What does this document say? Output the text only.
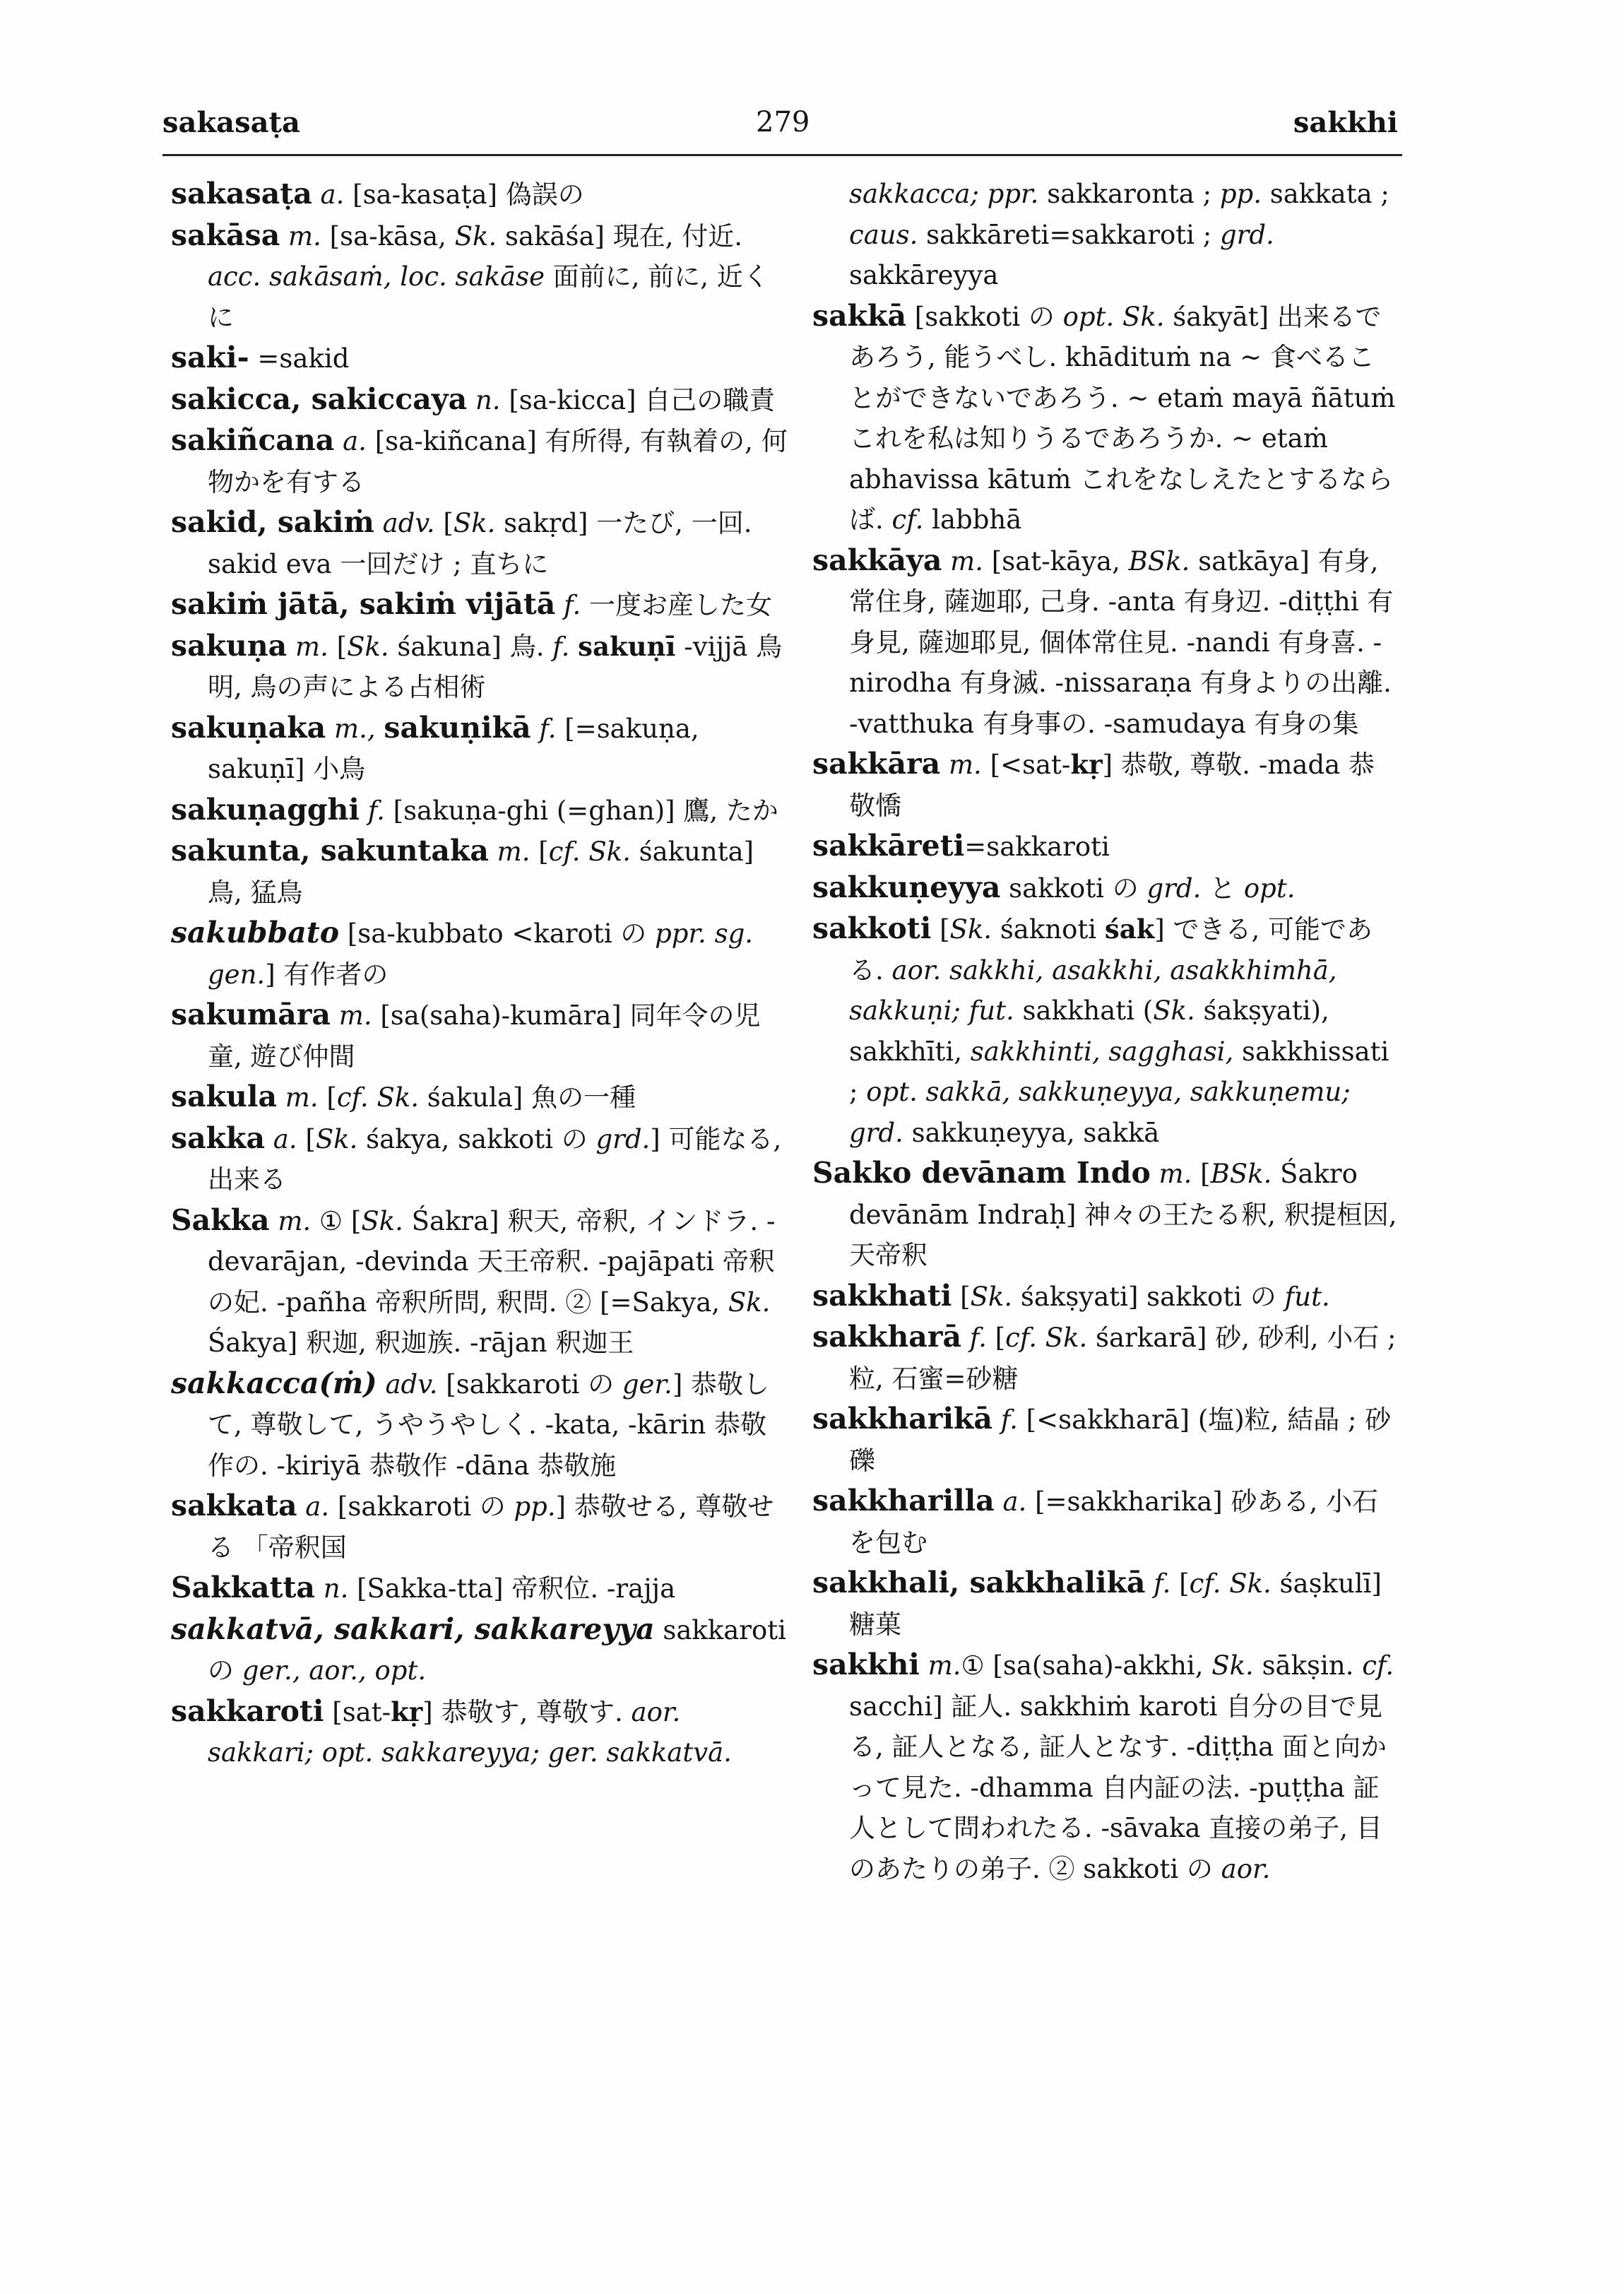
sakasaṭa	279	sakkhi

sakasaṭa a. [sa-kasaṭa] 偽誤の

sakāsa m. [sa-kāsa, Sk. sakāśa] 現在, 付近. acc. sakāsaṁ, loc. sakāse 面前に, 前に, 近くに

saki- =sakid

sakicca, sakiccaya n. [sa-kicca] 自己の職責

sakiñcana a. [sa-kiñcana] 有所得, 有執着の, 何物かを有する

sakid, sakiṁ adv. [Sk. sakṛd] 一たび, 一回. sakid eva 一回だけ ; 直ちに

sakiṁ jātā, sakiṁ vijātā f. 一度お産した女

sakuṇa m. [Sk. śakuna] 鳥. f. sakuṇī -vijjā 鳥明, 鳥の声による占相術

sakuṇaka m., sakuṇikā f. [=sakuṇa, sakuṇī] 小鳥

sakuṇagghi f. [sakuṇa-ghi (=ghan)] 鷹, たか

sakunta, sakuntaka m. [cf. Sk. śakunta] 鳥, 猛鳥

sakubbato [sa-kubbato <karoti の ppr. sg. gen.] 有作者の

sakumāra m. [sa(saha)-kumāra] 同年令の児童, 遊び仲間

sakula m. [cf. Sk. śakula] 魚の一種

sakka a. [Sk. śakya, sakkoti の grd.] 可能なる, 出来る

Sakka m. ① [Sk. Śakra] 釈天, 帝釈, インドラ. -devarājan, -devinda 天王帝釈. -pajāpati 帝釈の妃. -pañha 帝釈所問, 釈問. ② [=Sakya, Sk. Śakya] 釈迦, 釈迦族. -rājan 釈迦王

sakkacca(ṁ) adv. [sakkaroti の ger.] 恭敬して, 尊敬して, うやうやしく. -kata, -kārin 恭敬作の. -kiriyā 恭敬作 -dāna 恭敬施

sakkata a. [sakkaroti の pp.] 恭敬せる, 尊敬せる 「帝釈国

Sakkatta n. [Sakka-tta] 帝釈位. -rajja

sakkatvā, sakkari, sakkareyya sakkaroti の ger., aor., opt.

sakkaroti [sat-kṛ] 恭敬す, 尊敬す. aor. sakkari; opt. sakkareyya; ger. sakkatvā.

sakkacca; ppr. sakkaronta ; pp. sakkata ; caus. sakkāreti=sakkaroti ; grd. sakkāreyya

sakkā [sakkoti の opt. Sk. śakyāt] 出来るであろう, 能うべし. khādituṁ na ~ 食べることができないであろう. ~ etaṁ mayā ñātuṁ これを私は知りうるであろうか. ~ etaṁ abhavissa kātuṁ これをなしえたとするならば. cf. labbhā

sakkāya m. [sat-kāya, BSk. satkāya] 有身, 常住身, 薩迦耶, 己身. -anta 有身辺. -diṭṭhi 有身見, 薩迦耶見, 個体常住見. -nandi 有身喜. -nirodha 有身滅. -nissaraṇa 有身よりの出離. -vatthuka 有身事の. -samudaya 有身の集

sakkāra m. [<sat-kṛ] 恭敬, 尊敬. -mada 恭敬憍

sakkāreti=sakkaroti

sakkuṇeyya sakkoti の grd. と opt.

sakkoti [Sk. śaknoti śak] できる, 可能である. aor. sakkhi, asakkhi, asakkhimhā, sakkuṇi; fut. sakkhati (Sk. śakṣyati), sakkhīti, sakkhinti, sagghasi, sakkhissati ; opt. sakkā, sakkuṇeyya, sakkuṇemu; grd. sakkuṇeyya, sakkā

Sakko devānam Indo m. [BSk. Śakro devānām Indraḥ] 神々の王たる釈, 釈提桓因, 天帝釈

sakkhati [Sk. śakṣyati] sakkoti の fut.

sakkharā f. [cf. Sk. śarkarā] 砂, 砂利, 小石 ; 粒, 石蜜=砂糖

sakkharikā f. [<sakkharā] (塩)粒, 結晶 ; 砂礫

sakkharilla a. [=sakkharika] 砂ある, 小石を包む

sakkhali, sakkhalikā f. [cf. Sk. śaṣkulī] 糖菓

sakkhi m.① [sa(saha)-akkhi, Sk. sākṣin. cf. sacchi] 証人. sakkhiṁ karoti 自分の目で見る, 証人となる, 証人となす. -diṭṭha 面と向かって見た. -dhamma 自内証の法. -puṭṭha 証人として問われたる. -sāvaka 直接の弟子, 目のあたりの弟子. ② sakkoti の aor.
